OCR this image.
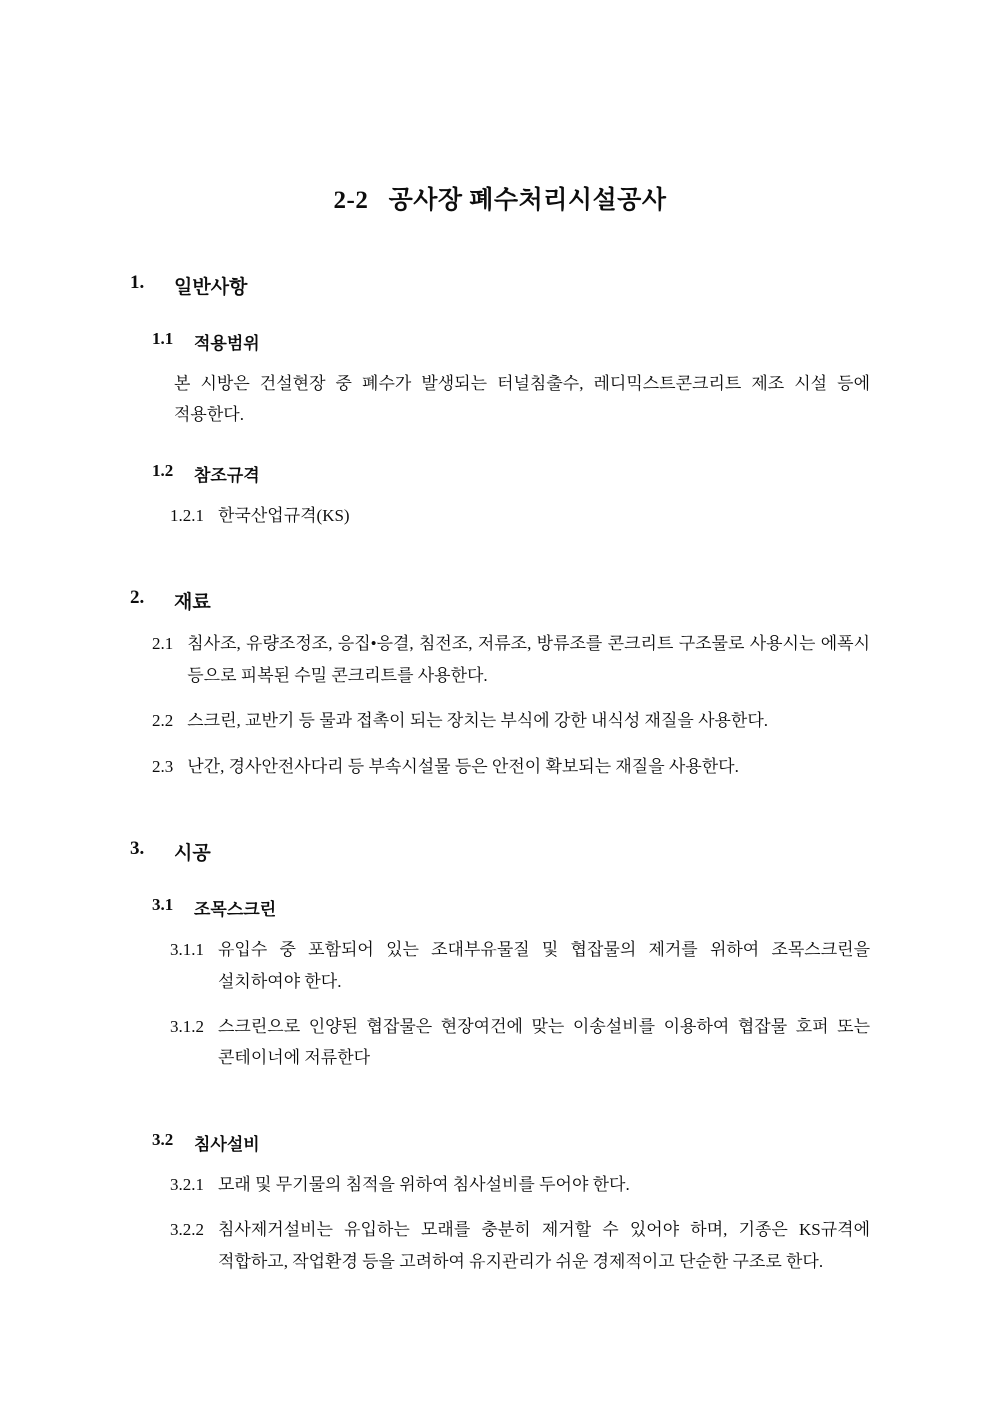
2-2   공사장 폐수처리시설공사
1.	일반사항
1.1	적용범위
본 시방은 건설현장 중 폐수가 발생되는 터널침출수, 레디믹스트콘크리트 제조 시설 등에 적용한다.
1.2	참조규격
1.2.1 한국산업규격(KS)
2.	재료
2.1 침사조, 유량조정조, 응집•응결, 침전조, 저류조, 방류조를 콘크리트 구조물로 사용시는 에폭시 등으로 피복된 수밀 콘크리트를 사용한다.
2.2 스크린, 교반기 등 물과 접촉이 되는 장치는 부식에 강한 내식성 재질을 사용한다.
2.3 난간, 경사안전사다리 등 부속시설물 등은 안전이 확보되는 재질을 사용한다.
3.	시공
3.1	조목스크린
3.1.1 유입수 중 포함되어 있는 조대부유물질 및 협잡물의 제거를 위하여 조목스크린을 설치하여야 한다.
3.1.2 스크린으로 인양된 협잡물은 현장여건에 맞는 이송설비를 이용하여 협잡물 호퍼 또는 콘테이너에 저류한다
3.2	침사설비
3.2.1 모래 및 무기물의 침적을 위하여 침사설비를 두어야 한다.
3.2.2 침사제거설비는 유입하는 모래를 충분히 제거할 수 있어야 하며, 기종은 KS규격에 적합하고, 작업환경 등을 고려하여 유지관리가 쉬운 경제적이고 단순한 구조로 한다.
